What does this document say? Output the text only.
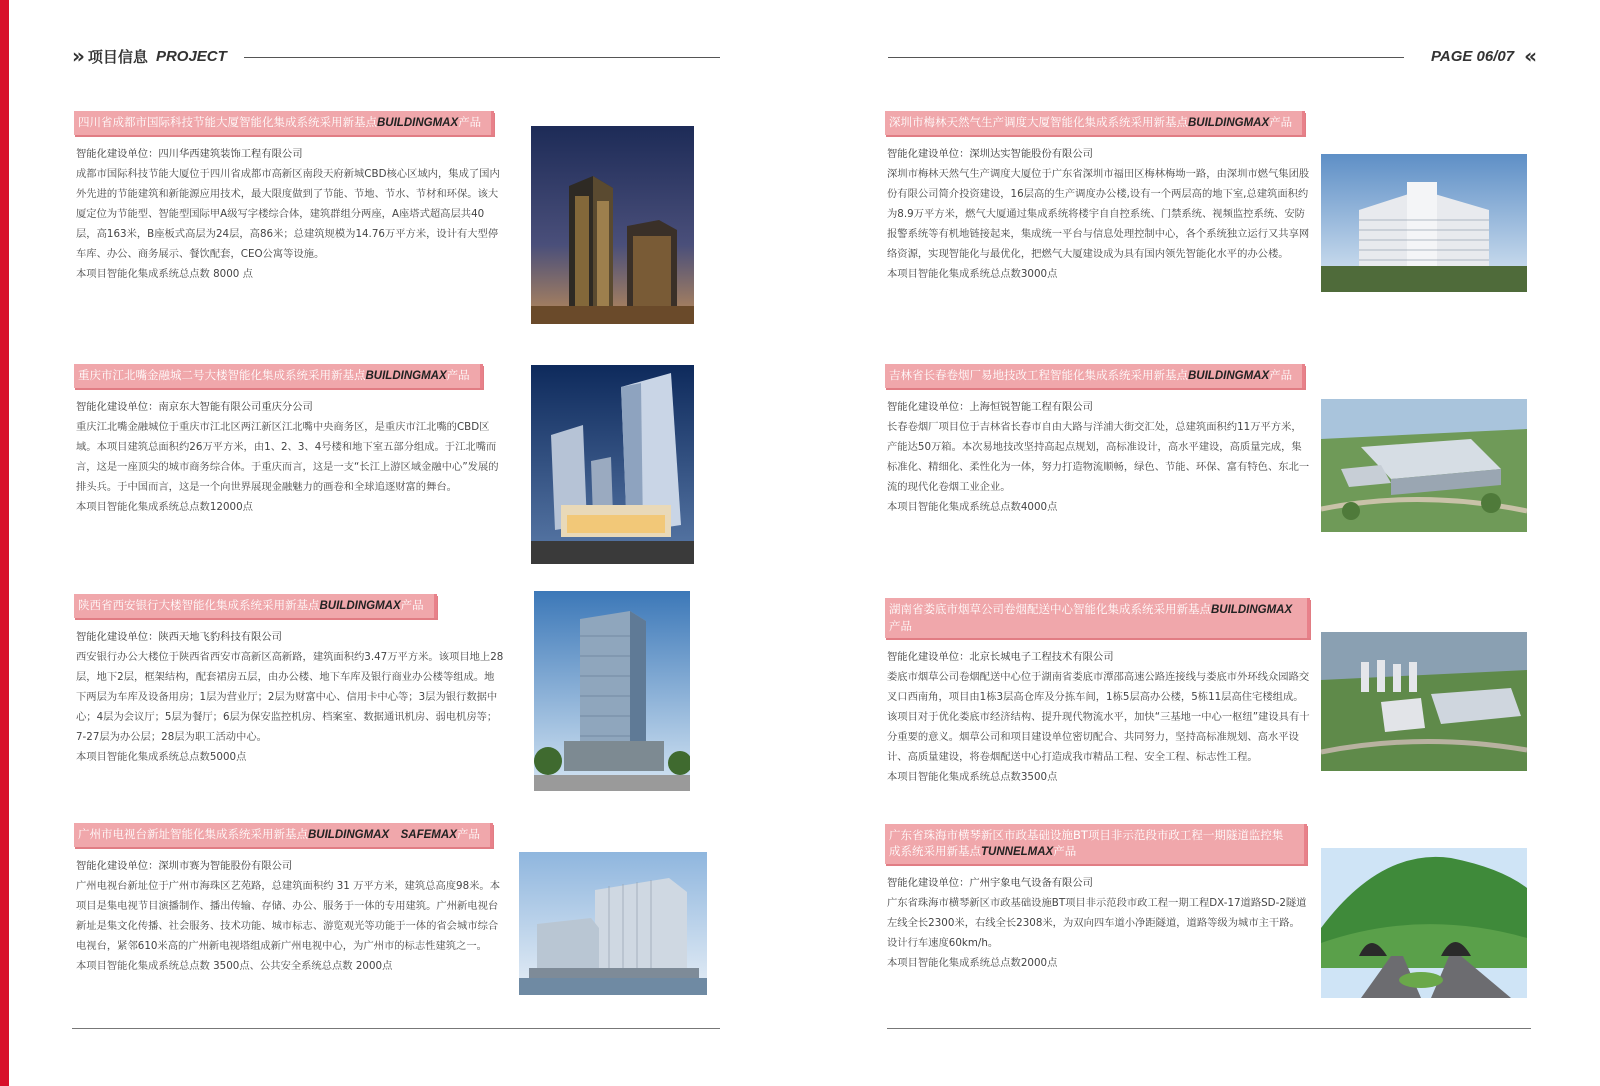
» 项目信息 PROJECT	PAGE 06/07 «
四川省成都市国际科技节能大厦智能化集成系统采用新基点BUILDINGMAX产品
智能化建设单位：四川华西建筑装饰工程有限公司
成都市国际科技节能大厦位于四川省成都市高新区南段天府新城CBD核心区域内，集成了国内外先进的节能建筑和新能源应用技术，最大限度做到了节能、节地、节水、节材和环保。该大厦定位为节能型、智能型国际甲A级写字楼综合体，建筑群组分两座，A座塔式超高层共40层，高163米，B座板式高层为24层，高86米；总建筑规模为14.76万平方米，设计有大型停车库、办公、商务展示、餐饮配套，CEO公寓等设施。
本项目智能化集成系统总点数 8000 点
重庆市江北嘴金融城二号大楼智能化集成系统采用新基点BUILDINGMAX产品
智能化建设单位：南京东大智能有限公司重庆分公司
重庆江北嘴金融城位于重庆市江北区两江新区江北嘴中央商务区，是重庆市江北嘴的CBD区域。本项目建筑总面积约26万平方米，由1、2、3、4号楼和地下室五部分组成。于江北嘴而言，这是一座顶尖的城市商务综合体。于重庆而言，这是一支“长江上游区域金融中心”发展的排头兵。于中国而言，这是一个向世界展现金融魅力的画卷和全球追逐财富的舞台。
本项目智能化集成系统总点数12000点
陕西省西安银行大楼智能化集成系统采用新基点BUILDINGMAX产品
智能化建设单位：陕西天地飞豹科技有限公司
西安银行办公大楼位于陕西省西安市高新区高新路，建筑面积约3.47万平方米。该项目地上28层，地下2层，框架结构，配套裙房五层，由办公楼、地下车库及银行商业办公楼等组成。地下两层为车库及设备用房；1层为营业厅；2层为财富中心、信用卡中心等；3层为银行数据中心；4层为会议厅；5层为餐厅；6层为保安监控机房、档案室、数据通讯机房、弱电机房等；7-27层为办公层；28层为职工活动中心。
本项目智能化集成系统总点数5000点
广州市电视台新址智能化集成系统采用新基点BUILDINGMAX　SAFEMAX产品
智能化建设单位：深圳市赛为智能股份有限公司
广州电视台新址位于广州市海珠区艺苑路，总建筑面积约 31 万平方米，建筑总高度98米。本项目是集电视节目演播制作、播出传输、存储、办公、服务于一体的专用建筑。广州新电视台新址是集文化传播、社会服务、技术功能、城市标志、游览观光等功能于一体的省会城市综合电视台，紧邻610米高的广州新电视塔组成新广州电视中心，为广州市的标志性建筑之一。
本项目智能化集成系统总点数 3500点、公共安全系统总点数 2000点
深圳市梅林天然气生产调度大厦智能化集成系统采用新基点BUILDINGMAX产品
智能化建设单位：深圳达实智能股份有限公司
深圳市梅林天然气生产调度大厦位于广东省深圳市福田区梅林梅坳一路，由深圳市燃气集团股份有限公司简介投资建设，16层高的生产调度办公楼,设有一个两层高的地下室,总建筑面积约为8.9万平方米，燃气大厦通过集成系统将楼宇自自控系统、门禁系统、视频监控系统、安防报警系统等有机地链接起来，集成统一平台与信息处理控制中心，各个系统独立运行又共享网络资源，实现智能化与最优化，把燃气大厦建设成为具有国内领先智能化水平的办公楼。
本项目智能化集成系统总点数3000点
吉林省长春卷烟厂易地技改工程智能化集成系统采用新基点BUILDINGMAX产品
智能化建设单位：上海恒锐智能工程有限公司
长春卷烟厂项目位于吉林省长春市自由大路与洋浦大街交汇处，总建筑面积约11万平方米，产能达50万箱。本次易地技改坚持高起点规划，高标准设计，高水平建设，高质量完成，集标准化、精细化、柔性化为一体，努力打造物流顺畅，绿色、节能、环保、富有特色、东北一流的现代化卷烟工业企业。
本项目智能化集成系统总点数4000点
湖南省娄底市烟草公司卷烟配送中心智能化集成系统采用新基点BUILDINGMAX产品
智能化建设单位：北京长城电子工程技术有限公司
娄底市烟草公司卷烟配送中心位于湖南省娄底市潭邵高速公路连接线与娄底市外环线众园路交叉口西南角，项目由1栋3层高仓库及分拣车间，1栋5层高办公楼，5栋11层高住宅楼组成。该项目对于优化娄底市经济结构、提升现代物流水平，加快“三基地一中心一枢纽”建设具有十分重要的意义。烟草公司和项目建设单位密切配合、共同努力，坚持高标准规划、高水平设计、高质量建设，将卷烟配送中心打造成我市精品工程、安全工程、标志性工程。
本项目智能化集成系统总点数3500点
广东省珠海市横琴新区市政基础设施BT项目非示范段市政工程一期隧道监控集成系统采用新基点TUNNELMAX产品
智能化建设单位：广州宇象电气设备有限公司
广东省珠海市横琴新区市政基础设施BT项目非示范段市政工程一期工程DX-17道路SD-2隧道左线全长2300米，右线全长2308米，为双向四车道小净距隧道，道路等级为城市主干路。设计行车速度60km/h。
本项目智能化集成系统总点数2000点
